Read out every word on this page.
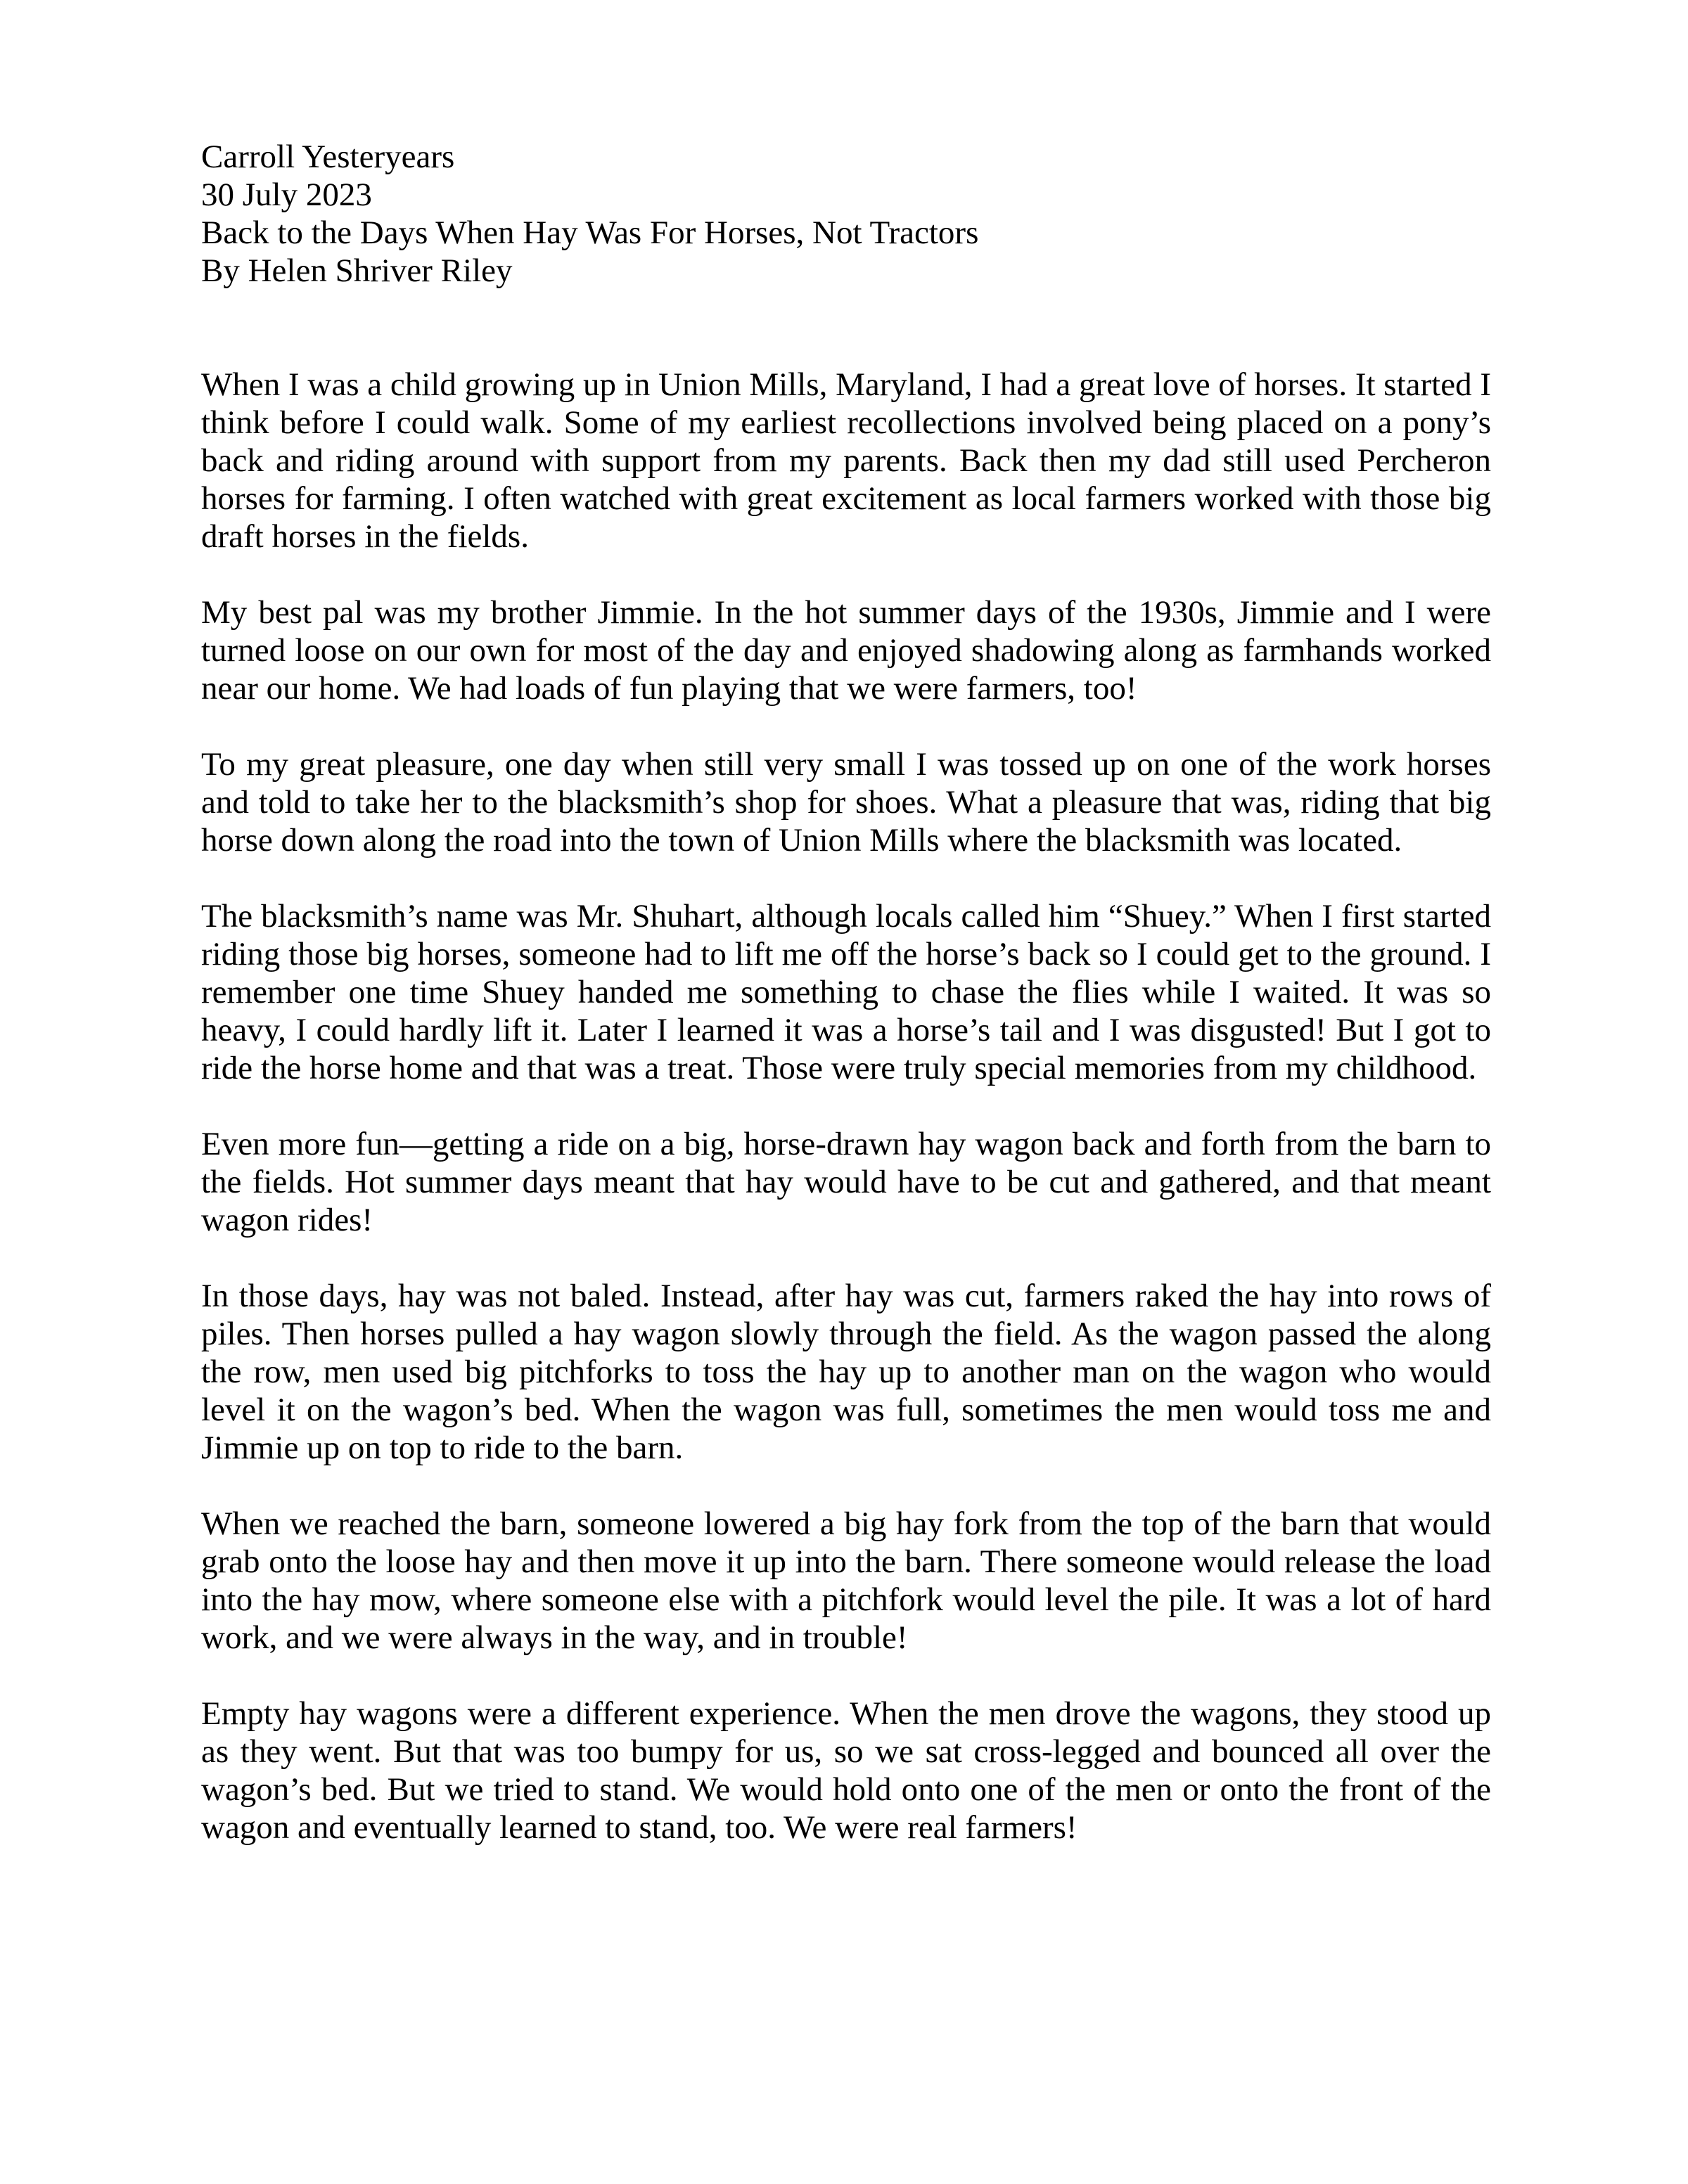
Carroll Yesteryears

30 July 2023

Back to the Days When Hay Was For Horses, Not Tractors

By Helen Shriver Riley

When I was a child growing up in Union Mills, Maryland, I had a great love of horses. It started I think before I could walk. Some of my earliest recollections involved being placed on a pony’s back and riding around with support from my parents. Back then my dad still used Percheron horses for farming. I often watched with great excitement as local farmers worked with those big draft horses in the fields.

My best pal was my brother Jimmie. In the hot summer days of the 1930s, Jimmie and I were turned loose on our own for most of the day and enjoyed shadowing along as farmhands worked near our home. We had loads of fun playing that we were farmers, too!

To my great pleasure, one day when still very small I was tossed up on one of the work horses and told to take her to the blacksmith’s shop for shoes. What a pleasure that was, riding that big horse down along the road into the town of Union Mills where the blacksmith was located.

The blacksmith’s name was Mr. Shuhart, although locals called him “Shuey.” When I first started riding those big horses, someone had to lift me off the horse’s back so I could get to the ground. I remember one time Shuey handed me something to chase the flies while I waited. It was so heavy, I could hardly lift it. Later I learned it was a horse’s tail and I was disgusted! But I got to ride the horse home and that was a treat. Those were truly special memories from my childhood.

Even more fun—getting a ride on a big, horse-drawn hay wagon back and forth from the barn to the fields. Hot summer days meant that hay would have to be cut and gathered, and that meant wagon rides!

In those days, hay was not baled. Instead, after hay was cut, farmers raked the hay into rows of piles. Then horses pulled a hay wagon slowly through the field. As the wagon passed the along the row, men used big pitchforks to toss the hay up to another man on the wagon who would level it on the wagon’s bed. When the wagon was full, sometimes the men would toss me and Jimmie up on top to ride to the barn.

When we reached the barn, someone lowered a big hay fork from the top of the barn that would grab onto the loose hay and then move it up into the barn. There someone would release the load into the hay mow, where someone else with a pitchfork would level the pile. It was a lot of hard work, and we were always in the way, and in trouble!

Empty hay wagons were a different experience. When the men drove the wagons, they stood up as they went. But that was too bumpy for us, so we sat cross-legged and bounced all over the wagon’s bed. But we tried to stand. We would hold onto one of the men or onto the front of the wagon and eventually learned to stand, too. We were real farmers!
